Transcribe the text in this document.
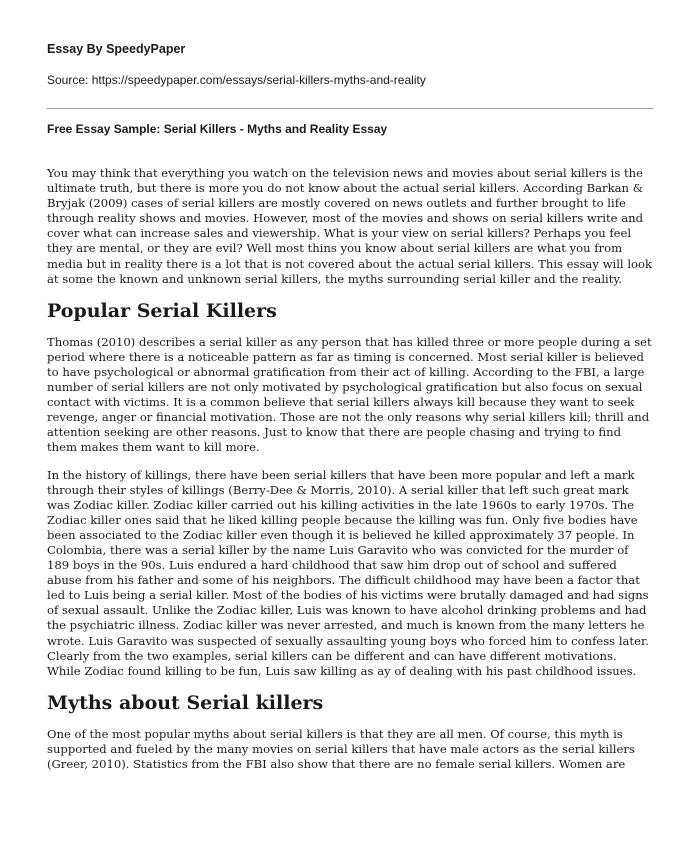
Essay By SpeedyPaper
Source: https://speedypaper.com/essays/serial-killers-myths-and-reality
Free Essay Sample: Serial Killers - Myths and Reality Essay

You may think that everything you watch on the television news and movies about serial killers is the ultimate truth, but there is more you do not know about the actual serial killers. According Barkan & Bryjak (2009) cases of serial killers are mostly covered on news outlets and further brought to life through reality shows and movies. However, most of the movies and shows on serial killers write and cover what can increase sales and viewership. What is your view on serial killers? Perhaps you feel they are mental, or they are evil? Well most thins you know about serial killers are what you from media but in reality there is a lot that is not covered about the actual serial killers. This essay will look at some the known and unknown serial killers, the myths surrounding serial killer and the reality.

Popular Serial Killers

Thomas (2010) describes a serial killer as any person that has killed three or more people during a set period where there is a noticeable pattern as far as timing is concerned. Most serial killer is believed to have psychological or abnormal gratification from their act of killing. According to the FBI, a large number of serial killers are not only motivated by psychological gratification but also focus on sexual contact with victims. It is a common believe that serial killers always kill because they want to seek revenge, anger or financial motivation. Those are not the only reasons why serial killers kill; thrill and attention seeking are other reasons. Just to know that there are people chasing and trying to find them makes them want to kill more.

In the history of killings, there have been serial killers that have been more popular and left a mark through their styles of killings (Berry-Dee & Morris, 2010). A serial killer that left such great mark was Zodiac killer. Zodiac killer carried out his killing activities in the late 1960s to early 1970s. The Zodiac killer ones said that he liked killing people because the killing was fun. Only five bodies have been associated to the Zodiac killer even though it is believed he killed approximately 37 people. In Colombia, there was a serial killer by the name Luis Garavito who was convicted for the murder of 189 boys in the 90s. Luis endured a hard childhood that saw him drop out of school and suffered abuse from his father and some of his neighbors. The difficult childhood may have been a factor that led to Luis being a serial killer. Most of the bodies of his victims were brutally damaged and had signs of sexual assault. Unlike the Zodiac killer, Luis was known to have alcohol drinking problems and had the psychiatric illness. Zodiac killer was never arrested, and much is known from the many letters he wrote. Luis Garavito was suspected of sexually assaulting young boys who forced him to confess later. Clearly from the two examples, serial killers can be different and can have different motivations. While Zodiac found killing to be fun, Luis saw killing as ay of dealing with his past childhood issues.

Myths about Serial killers

One of the most popular myths about serial killers is that they are all men. Of course, this myth is supported and fueled by the many movies on serial killers that have male actors as the serial killers (Greer, 2010). Statistics from the FBI also show that there are no female serial killers. Women are
